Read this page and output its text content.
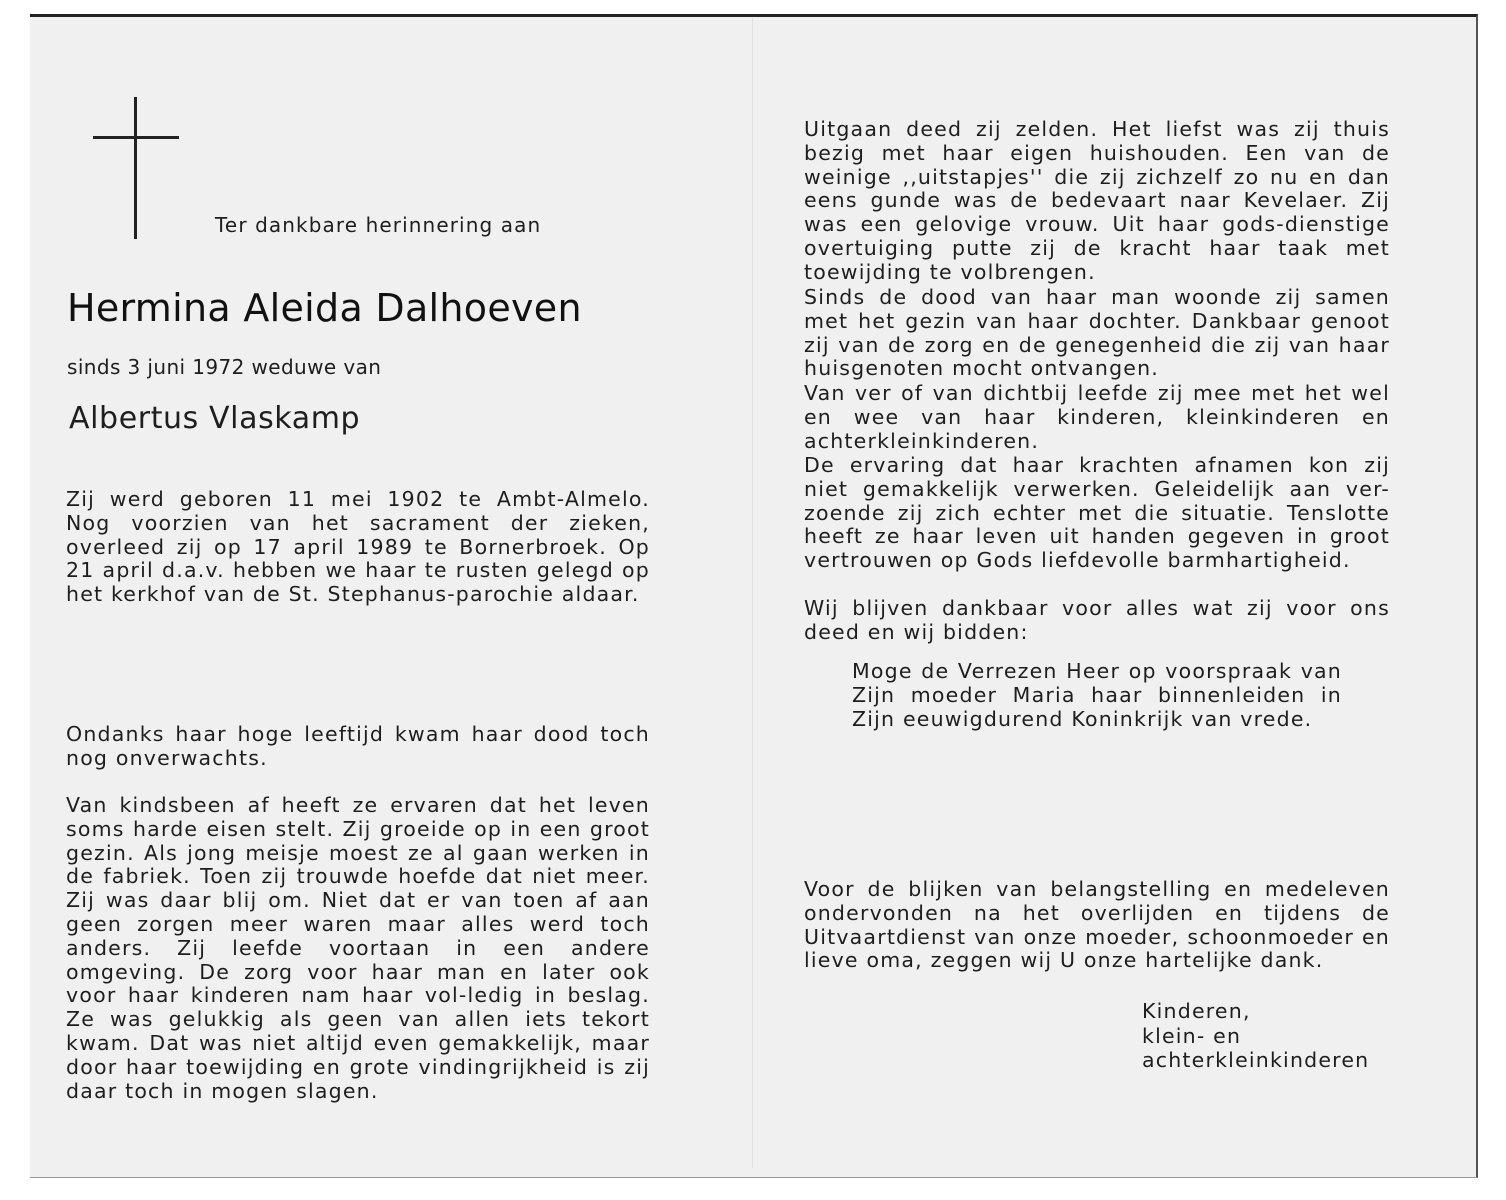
Ter dankbare herinnering aan
Hermina Aleida Dalhoeven
sinds 3 juni 1972 weduwe van
Albertus Vlaskamp

Zij werd geboren 11 mei 1902 te Ambt-Almelo. Nog voorzien van het sacrament der zieken, overleed zij op 17 april 1989 te Bornerbroek. Op 21 april d.a.v. hebben we haar te rusten gelegd op het kerkhof van de St. Stephanus-parochie aldaar.

Ondanks haar hoge leeftijd kwam haar dood toch nog onverwachts.

Van kindsbeen af heeft ze ervaren dat het leven soms harde eisen stelt. Zij groeide op in een groot gezin. Als jong meisje moest ze al gaan werken in de fabriek. Toen zij trouwde hoefde dat niet meer. Zij was daar blij om. Niet dat er van toen af aan geen zorgen meer waren maar alles werd toch anders. Zij leefde voortaan in een andere omgeving. De zorg voor haar man en later ook voor haar kinderen nam haar vol-ledig in beslag. Ze was gelukkig als geen van allen iets tekort kwam. Dat was niet altijd even gemakkelijk, maar door haar toewijding en grote vindingrijkheid is zij daar toch in mogen slagen.

Uitgaan deed zij zelden. Het liefst was zij thuis bezig met haar eigen huishouden. Een van de weinige ,,uitstapjes'' die zij zichzelf zo nu en dan eens gunde was de bedevaart naar Kevelaer. Zij was een gelovige vrouw. Uit haar gods-dienstige overtuiging putte zij de kracht haar taak met toewijding te volbrengen.

Sinds de dood van haar man woonde zij samen met het gezin van haar dochter. Dankbaar genoot zij van de zorg en de genegenheid die zij van haar huisgenoten mocht ontvangen.

Van ver of van dichtbij leefde zij mee met het wel en wee van haar kinderen, kleinkinderen en achterkleinkinderen.

De ervaring dat haar krachten afnamen kon zij niet gemakkelijk verwerken. Geleidelijk aan ver-zoende zij zich echter met die situatie. Tenslotte heeft ze haar leven uit handen gegeven in groot vertrouwen op Gods liefdevolle barmhartigheid.

Wij blijven dankbaar voor alles wat zij voor ons deed en wij bidden:

Moge de Verrezen Heer op voorspraak van Zijn moeder Maria haar binnenleiden in Zijn eeuwigdurend Koninkrijk van vrede.

Voor de blijken van belangstelling en medeleven ondervonden na het overlijden en tijdens de Uitvaartdienst van onze moeder, schoonmoeder en lieve oma, zeggen wij U onze hartelijke dank.

Kinderen,
klein- en
achterkleinkinderen
